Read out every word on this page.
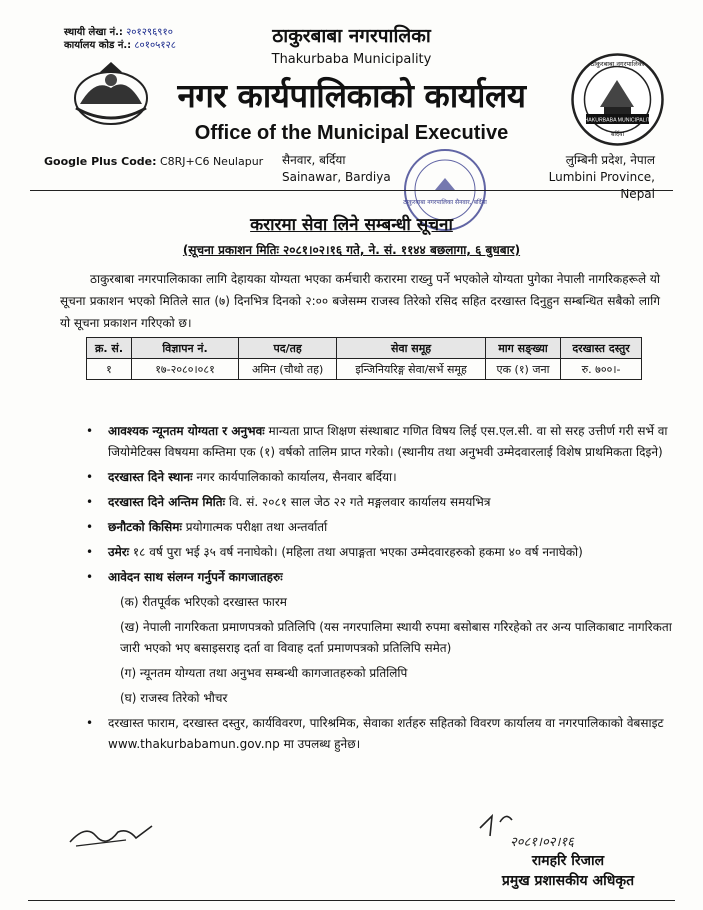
स्थायी लेखा नं.: २०१२९६९१०
कार्यालय कोड नं.: ८०१०५१२८	ठाकुरबाबा नगरपालिका
Thakurbaba Municipality
नगर कार्यपालिकाको कार्यालय
Office of the Municipal Executive
THAKURBABA MUNICIPALITY
बर्दिया
ठाकुरबाबा नगरपालिका
Google Plus Code: C8RJ+C6 Neulapur सैनवार, बर्दिया
Sainawar, Bardiya
लुम्बिनी प्रदेश, नेपाल
Lumbini Province, Nepal
ठाकुरबाबा नगरपालिका सैनवार, बर्दिया
करारमा सेवा लिने सम्बन्धी सूचना
(सूचना प्रकाशन मितिः २०८१।०२।१६ गते, ने. सं. ११४४ बछलागा, ६ बुधबार)
ठाकुरबाबा नगरपालिकाका लागि देहायका योग्यता भएका कर्मचारी करारमा राख्नु पर्ने भएकोले योग्यता पुगेका नेपाली नागरिकहरूले यो सूचना प्रकाशन भएको मितिले सात (७) दिनभित्र दिनको २:०० बजेसम्म राजस्व तिरेको रसिद सहित दरखास्त दिनुहुन सम्बन्धित सबैको लागि यो सूचना प्रकाशन गरिएको छ।
क्र. सं.	विज्ञापन नं.	पद/तह	सेवा समूह	माग सङ्ख्या	दरखास्त दस्तुर
१	१७-२०८०।०८१	अमिन (चौथो तह)	इन्जिनियरिङ्ग सेवा/सर्भे समूह	एक (१) जना	रु. ७००।-
• आवश्यक न्यूनतम योग्यता र अनुभवः मान्यता प्राप्त शिक्षण संस्थाबाट गणित विषय लिई एस.एल.सी. वा सो सरह उत्तीर्ण गरी सर्भे वा जियोमेटिक्स विषयमा कम्तिमा एक (१) वर्षको तालिम प्राप्त गरेको। (स्थानीय तथा अनुभवी उम्मेदवारलाई विशेष प्राथमिकता दिइने)
• दरखास्त दिने स्थानः नगर कार्यपालिकाको कार्यालय, सैनवार बर्दिया।
• दरखास्त दिने अन्तिम मितिः वि. सं. २०८१ साल जेठ २२ गते मङ्गलवार कार्यालय समयभित्र
• छनौटको किसिमः प्रयोगात्मक परीक्षा तथा अन्तर्वार्ता
• उमेरः १८ वर्ष पुरा भई ३५ वर्ष ननाघेको। (महिला तथा अपाङ्गता भएका उम्मेदवारहरुको हकमा ४० वर्ष ननाघेको)
• आवेदन साथ संलग्न गर्नुपर्ने कागजातहरुः
(क) रीतपूर्वक भरिएको दरखास्त फारम
(ख) नेपाली नागरिकता प्रमाणपत्रको प्रतिलिपि (यस नगरपालिमा स्थायी रुपमा बसोबास गरिरहेको तर अन्य पालिकाबाट नागरिकता जारी भएको भए बसाइसराइ दर्ता वा विवाह दर्ता प्रमाणपत्रको प्रतिलिपि समेत)
(ग) न्यूनतम योग्यता तथा अनुभव सम्बन्धी कागजातहरुको प्रतिलिपि
(घ) राजस्व तिरेको भौचर
• दरखास्त फाराम, दरखास्त दस्तुर, कार्यविवरण, पारिश्रमिक, सेवाका शर्तहरु सहितको विवरण कार्यालय वा नगरपालिकाको वेबसाइट www.thakurbabamun.gov.np मा उपलब्ध हुनेछ।
२०८१।०२।१६
रामहरि रिजाल
प्रमुख प्रशासकीय अधिकृत
